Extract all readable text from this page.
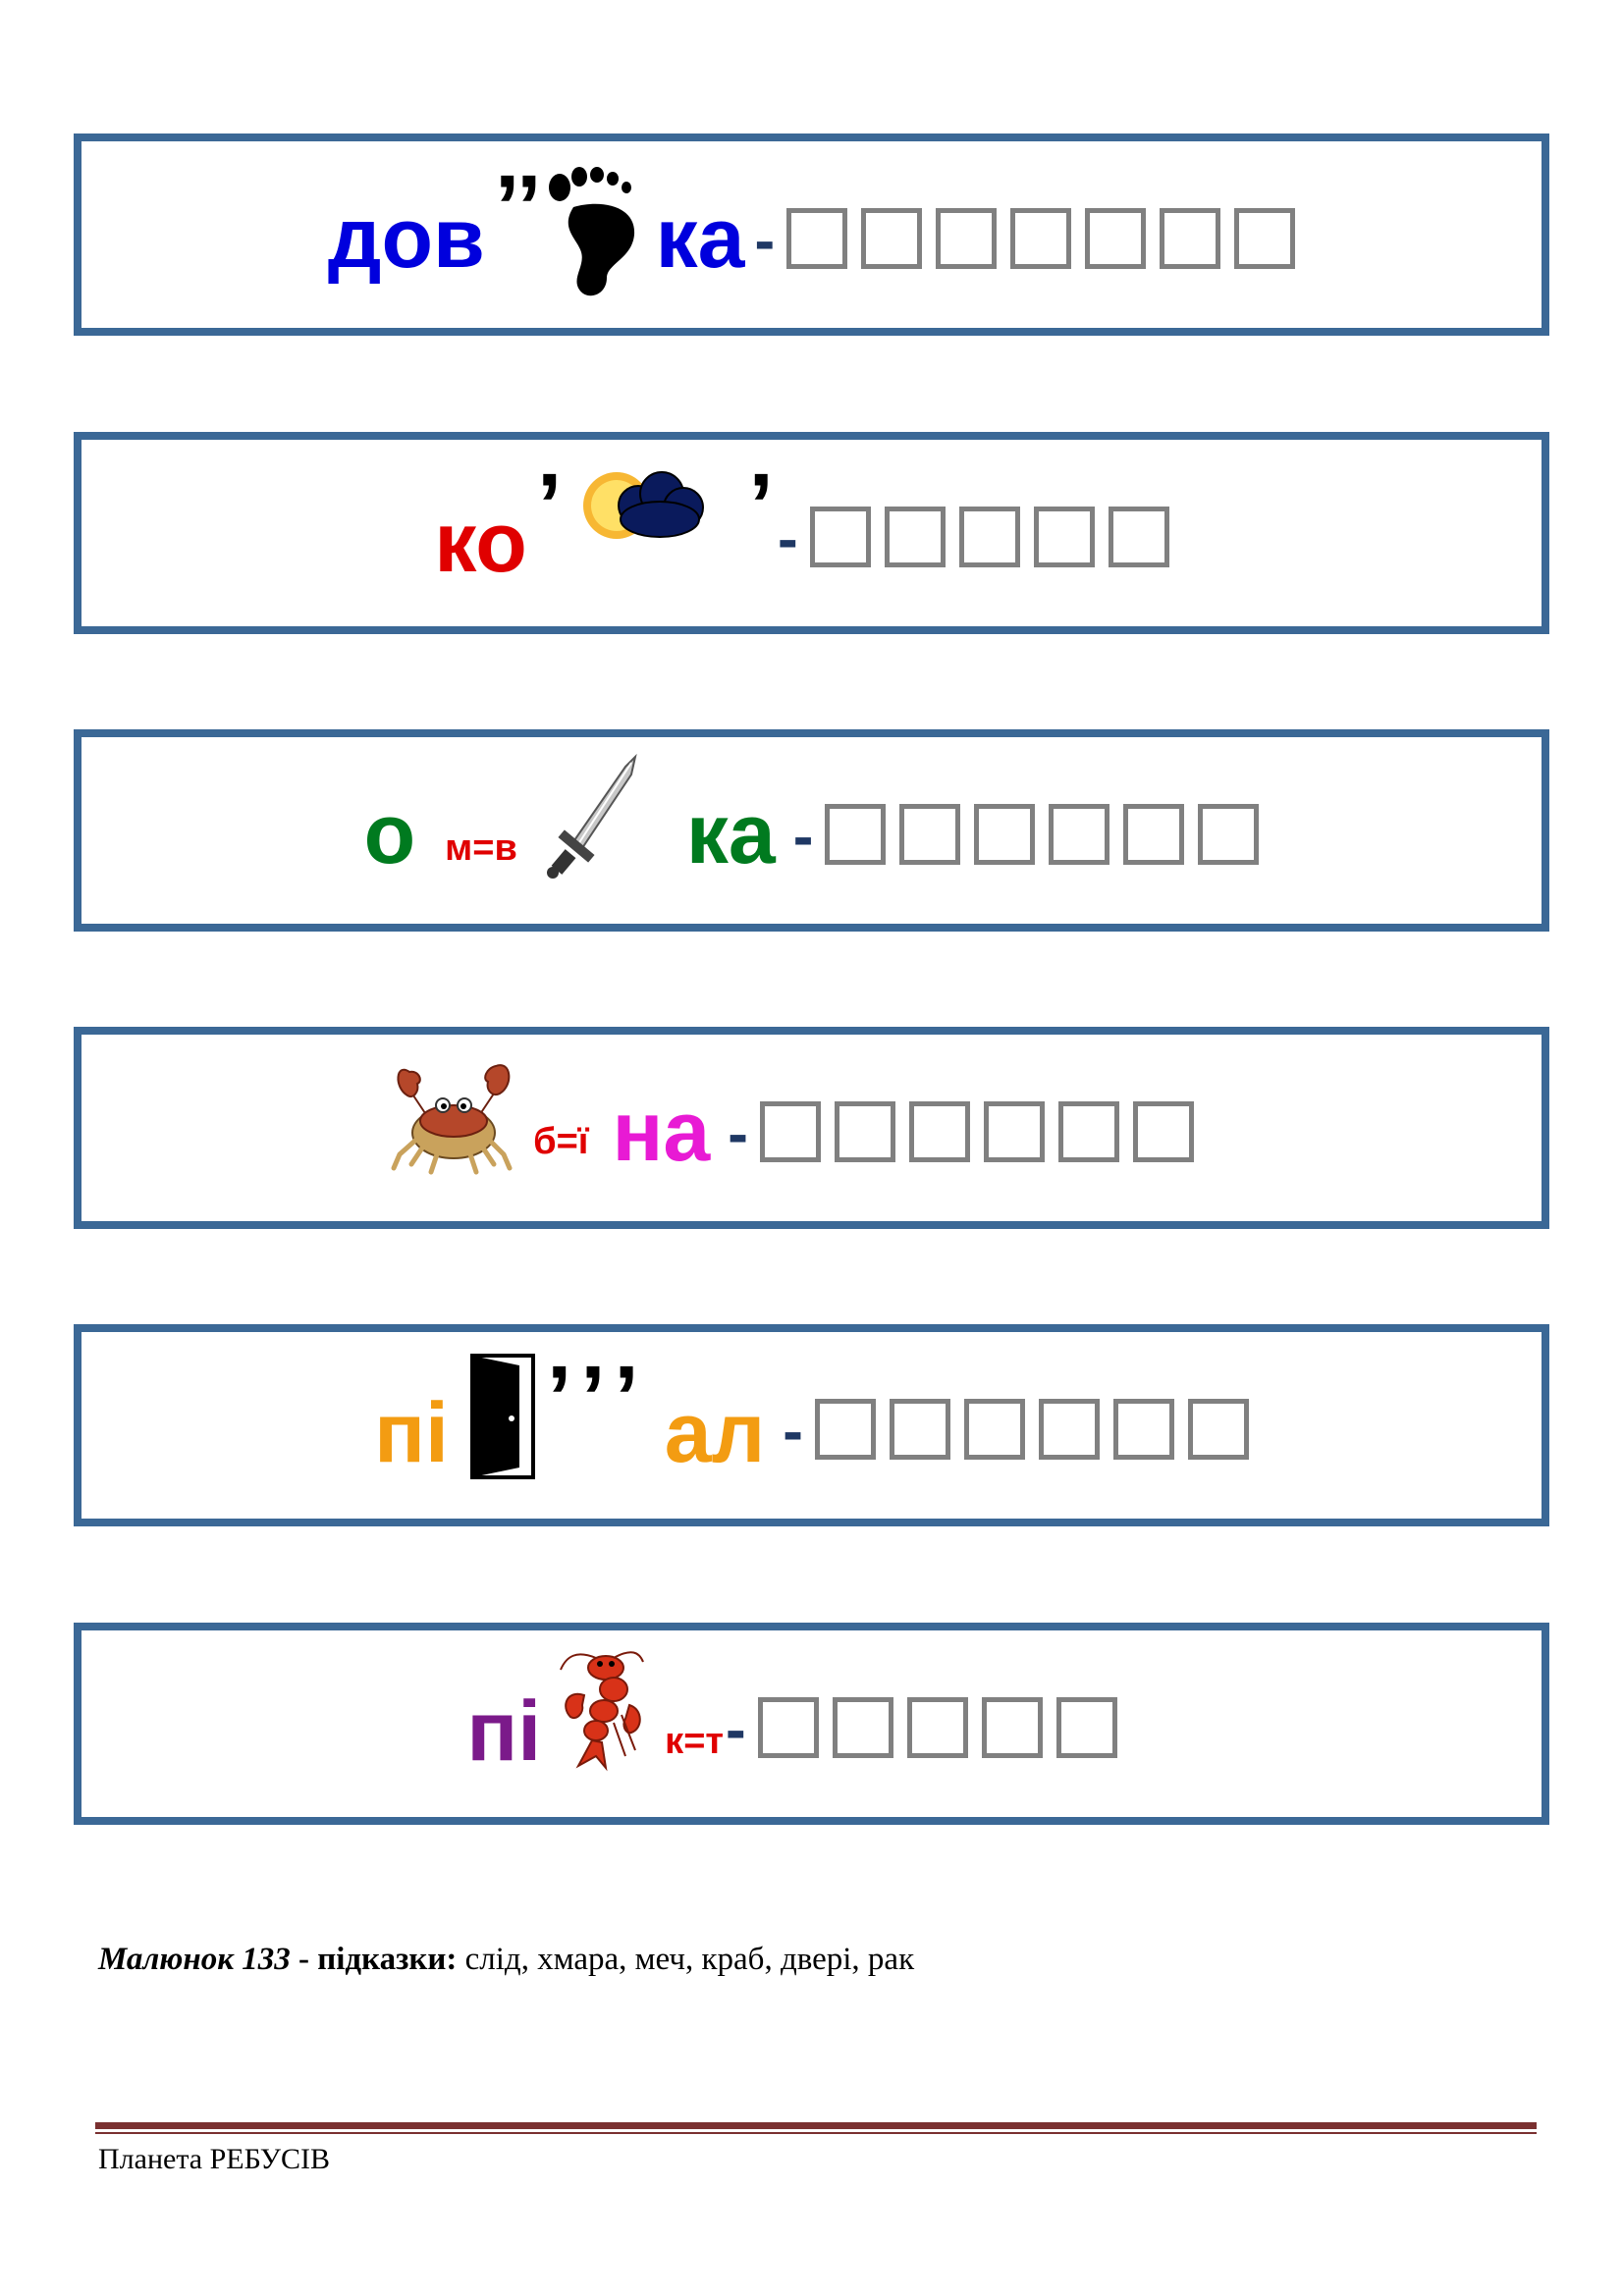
дов ’’ ка -
ко ’ ’ -
о м=в ка -
б=ї на -
пі ’’’ ал -
пі	к=т -
Малюнок 133 - підказки: слід, хмара, меч, краб, двері, рак
Планета РЕБУСІВ
